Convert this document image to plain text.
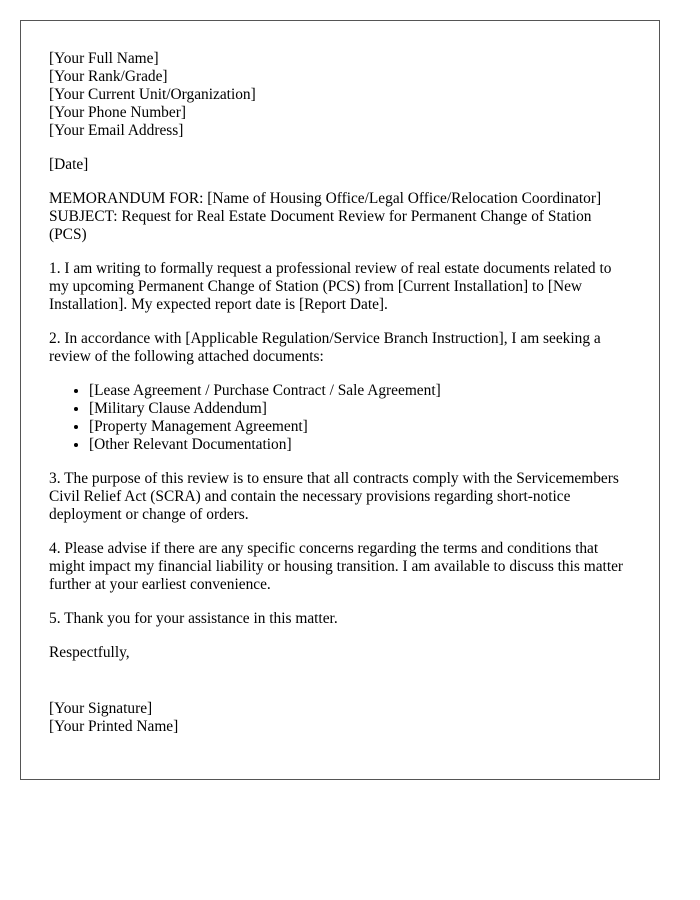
[Your Full Name]
[Your Rank/Grade]
[Your Current Unit/Organization]
[Your Phone Number]
[Your Email Address]

[Date]

MEMORANDUM FOR: [Name of Housing Office/Legal Office/Relocation Coordinator]
SUBJECT: Request for Real Estate Document Review for Permanent Change of Station (PCS)

1. I am writing to formally request a professional review of real estate documents related to my upcoming Permanent Change of Station (PCS) from [Current Installation] to [New Installation]. My expected report date is [Report Date].

2. In accordance with [Applicable Regulation/Service Branch Instruction], I am seeking a review of the following attached documents:

• [Lease Agreement / Purchase Contract / Sale Agreement]
• [Military Clause Addendum]
• [Property Management Agreement]
• [Other Relevant Documentation]

3. The purpose of this review is to ensure that all contracts comply with the Servicemembers Civil Relief Act (SCRA) and contain the necessary provisions regarding short-notice deployment or change of orders.

4. Please advise if there are any specific concerns regarding the terms and conditions that might impact my financial liability or housing transition. I am available to discuss this matter further at your earliest convenience.

5. Thank you for your assistance in this matter.

Respectfully,

[Your Signature]
[Your Printed Name]
